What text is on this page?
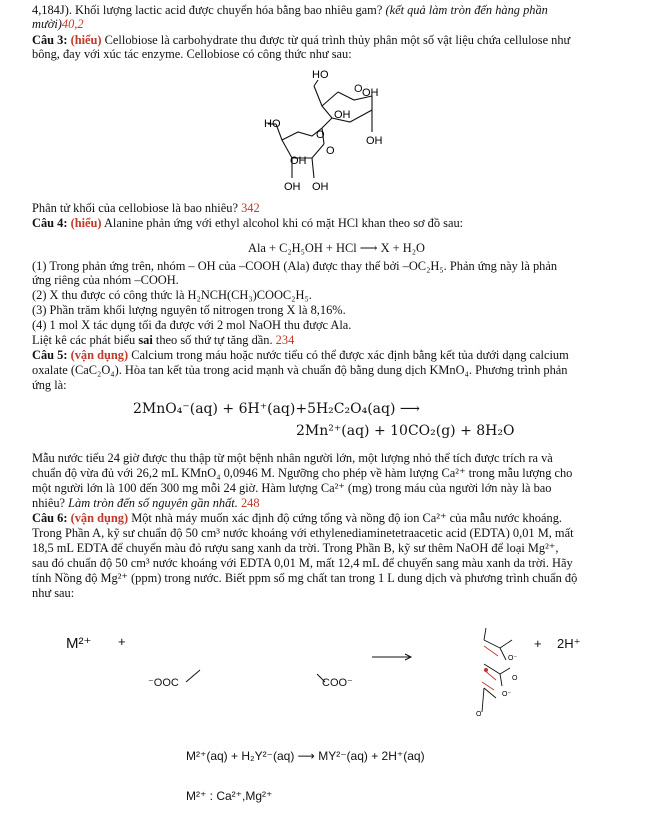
4,184J). Khối lượng lactic acid được chuyển hóa bằng bao nhiêu gam? (kết quả làm tròn đến hàng phần
mười)40,2
Câu 3: (hiểu) Cellobiose là carbohydrate thu được từ quá trình thủy phân một số vật liệu chứa cellulose như
bông, đay với xúc tác enzyme. Cellobiose có công thức như sau:
HO
O OH
OH
OH
HO
O
O
OH
OH OH
Phân tử khối của cellobiose là bao nhiêu? 342
Câu 4: (hiểu) Alanine phản ứng với ethyl alcohol khi có mặt HCl khan theo sơ đồ sau:
Ala + C₂H₅OH + HCl ⟶ X + H₂O
(1) Trong phản ứng trên, nhóm – OH của –COOH (Ala) được thay thế bởi –OC₂H₅. Phản ứng này là phản
ứng riêng của nhóm –COOH.
(2) X thu được có công thức là H₂NCH(CH₃)COOC₂H₅.
(3) Phần trăm khối lượng nguyên tố nitrogen trong X là 8,16%.
(4) 1 mol X tác dụng tối đa được với 2 mol NaOH thu được Ala.
Liệt kê các phát biểu sai theo số thứ tự tăng dần. 234
Câu 5: (vận dụng) Calcium trong máu hoặc nước tiểu có thể được xác định bằng kết tủa dưới dạng calcium
oxalate (CaC₂O₄). Hòa tan kết tủa trong acid mạnh và chuẩn độ bằng dung dịch KMnO₄. Phương trình phản
ứng là:
2MnO₄⁻(aq) + 6H⁺(aq)+5H₂C₂O₄(aq) ⟶
2Mn²⁺(aq) + 10CO₂(g) + 8H₂O
Mẫu nước tiểu 24 giờ được thu thập từ một bệnh nhân người lớn, một lượng nhỏ thể tích được trích ra và
chuẩn độ vừa đủ với 26,2 mL KMnO₄ 0,0946 M. Ngưỡng cho phép về hàm lượng Ca²⁺ trong mẫu lượng cho
một người lớn là 100 đến 300 mg mỗi 24 giờ. Hàm lượng Ca²⁺ (mg) trong máu của người lớn này là bao
nhiêu? Làm tròn đến số nguyên gần nhất. 248
Câu 6: (vận dụng) Một nhà máy muốn xác định độ cứng tổng và nồng độ ion Ca²⁺ của mẫu nước khoáng.
Trong Phần A, kỹ sư chuẩn độ 50 cm³ nước khoáng với ethylenediaminetetraacetic acid (EDTA) 0,01 M, mất
18,5 mL EDTA để chuyển màu đỏ rượu sang xanh da trời. Trong Phần B, kỹ sư thêm NaOH để loại Mg²⁺,
sau đó chuẩn độ 50 cm³ nước khoáng với EDTA 0,01 M, mất 12,4 mL để chuyển sang màu xanh da trời. Hãy
tính Nồng độ Mg²⁺ (ppm) trong nước. Biết ppm số mg chất tan trong 1 L dung dịch và phương trình chuẩn độ
như sau:
M²⁺ +
⁻OOC	COO⁻
O⁻
O
O⁻
O
+ 2H⁺
M²⁺(aq) + H₂Y²⁻(aq) ⟶ MY²⁻(aq) + 2H⁺(aq)
M²⁺ : Ca²⁺,Mg²⁺
